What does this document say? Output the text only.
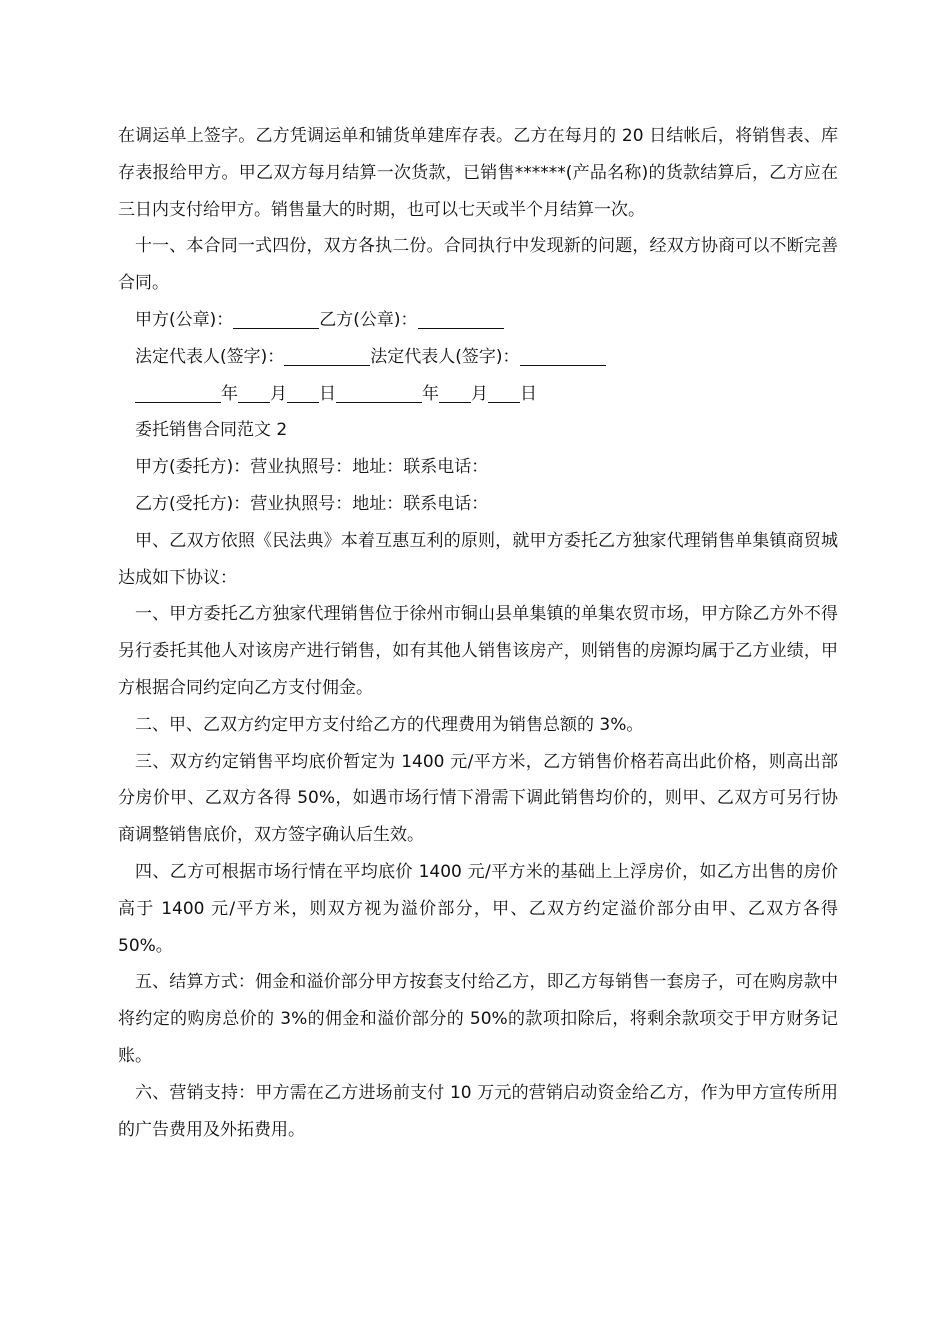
在调运单上签字。乙方凭调运单和铺货单建库存表。乙方在每月的 20 日结帐后，将销售表、库存表报给甲方。甲乙双方每月结算一次货款，已销售******(产品名称)的货款结算后，乙方应在三日内支付给甲方。销售量大的时期，也可以七天或半个月结算一次。

十一、本合同一式四份，双方各执二份。合同执行中发现新的问题，经双方协商可以不断完善合同。

甲方(公章)：	乙方(公章)：

法定代表人(签字)：	法定代表人(签字)：

年 月 日	年 月 日

委托销售合同范文 2

甲方(委托方)：营业执照号：地址：联系电话：

乙方(受托方)：营业执照号：地址：联系电话：

甲、乙双方依照《民法典》本着互惠互利的原则，就甲方委托乙方独家代理销售单集镇商贸城达成如下协议：

一、甲方委托乙方独家代理销售位于徐州市铜山县单集镇的单集农贸市场，甲方除乙方外不得另行委托其他人对该房产进行销售，如有其他人销售该房产，则销售的房源均属于乙方业绩，甲方根据合同约定向乙方支付佣金。

二、甲、乙双方约定甲方支付给乙方的代理费用为销售总额的 3%。

三、双方约定销售平均底价暂定为 1400 元/平方米，乙方销售价格若高出此价格，则高出部分房价甲、乙双方各得 50%，如遇市场行情下滑需下调此销售均价的，则甲、乙双方可另行协商调整销售底价，双方签字确认后生效。

四、乙方可根据市场行情在平均底价 1400 元/平方米的基础上上浮房价，如乙方出售的房价高于 1400 元/平方米，则双方视为溢价部分，甲、乙双方约定溢价部分由甲、乙双方各得 50%。

五、结算方式：佣金和溢价部分甲方按套支付给乙方，即乙方每销售一套房子，可在购房款中将约定的购房总价的 3%的佣金和溢价部分的 50%的款项扣除后，将剩余款项交于甲方财务记账。

六、营销支持：甲方需在乙方进场前支付 10 万元的营销启动资金给乙方，作为甲方宣传所用的广告费用及外拓费用。
